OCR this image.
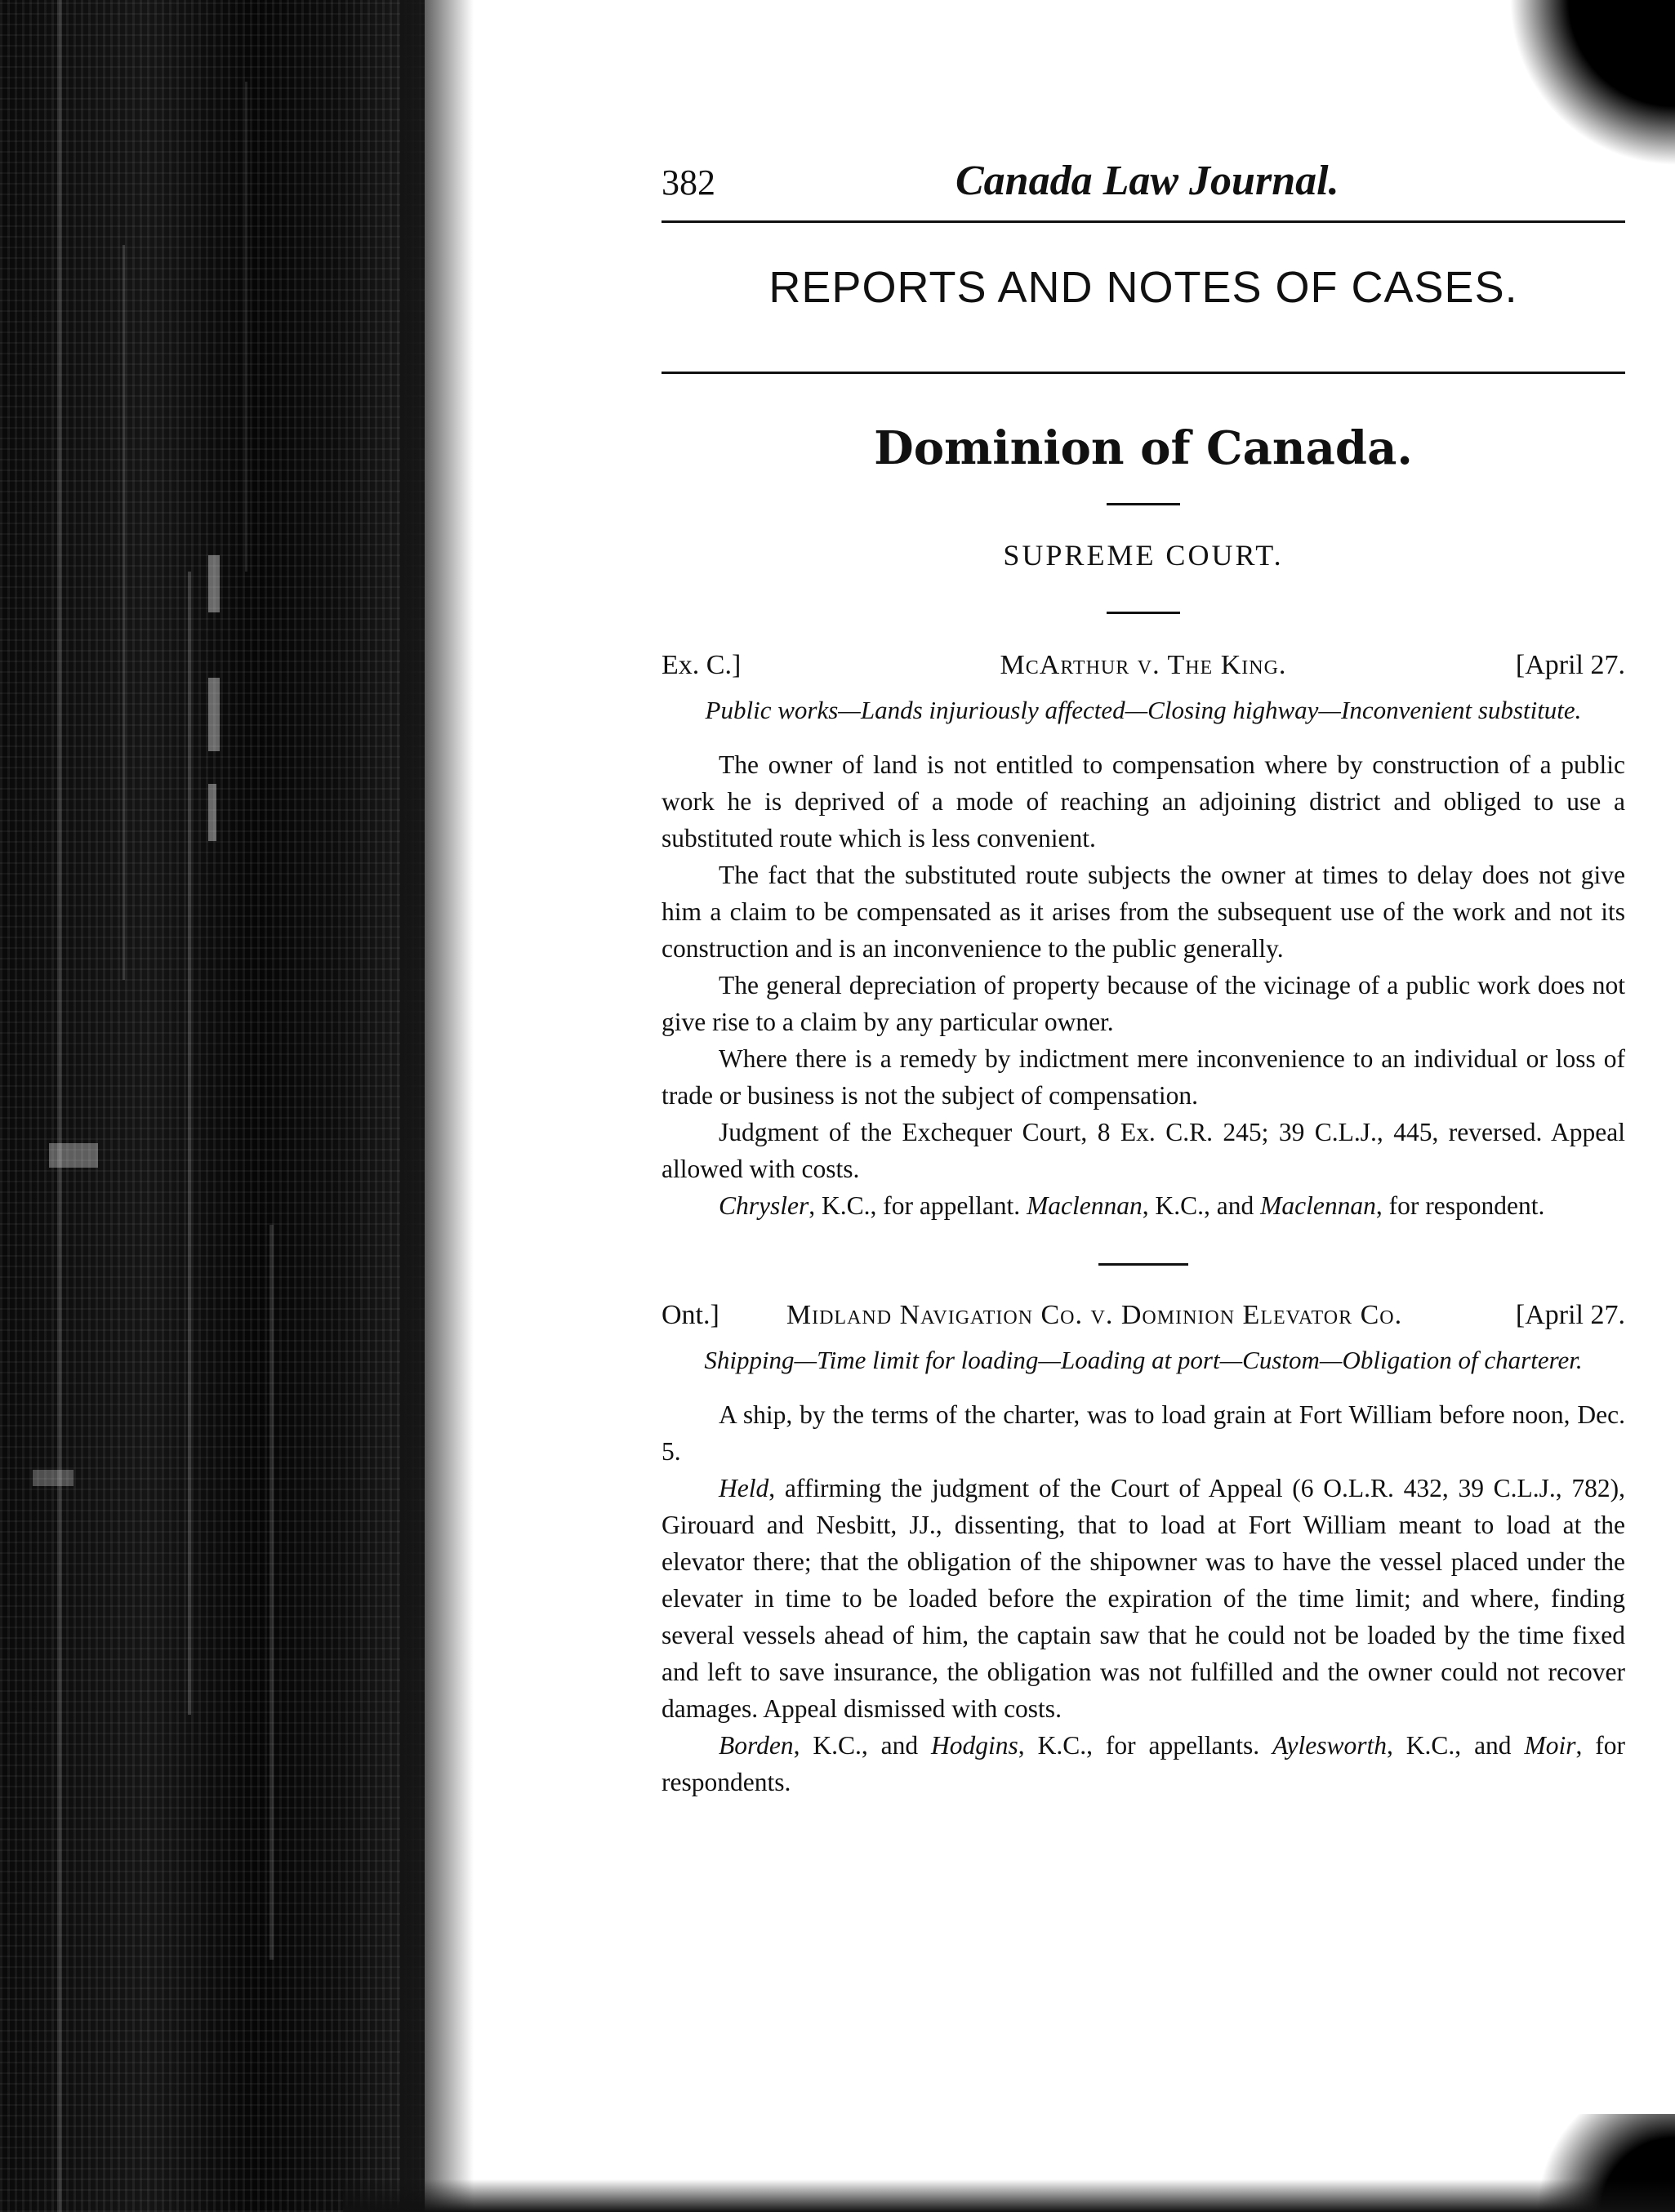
382	Canada Law Journal.
REPORTS AND NOTES OF CASES.
Dominion of Canada.
SUPREME COURT.
Ex. C.]	McArthur v. The King.	[April 27.
Public works—Lands injuriously affected—Closing highway—Inconvenient substitute.

The owner of land is not entitled to compensation where by construction of a public work he is deprived of a mode of reaching an adjoining district and obliged to use a substituted route which is less convenient.

The fact that the substituted route subjects the owner at times to delay does not give him a claim to be compensated as it arises from the subsequent use of the work and not its construction and is an inconvenience to the public generally.

The general depreciation of property because of the vicinage of a public work does not give rise to a claim by any particular owner.

Where there is a remedy by indictment mere inconvenience to an individual or loss of trade or business is not the subject of compensation.

Judgment of the Exchequer Court, 8 Ex. C.R. 245; 39 C.L.J., 445, reversed. Appeal allowed with costs.

Chrysler, K.C., for appellant. Maclennan, K.C., and Maclennan, for respondent.

Ont.]	Midland Navigation Co. v. Dominion Elevator Co.	[April 27.
Shipping—Time limit for loading—Loading at port—Custom—Obligation of charterer.

A ship, by the terms of the charter, was to load grain at Fort William before noon, Dec. 5.

Held, affirming the judgment of the Court of Appeal (6 O.L.R. 432, 39 C.L.J., 782), Girouard and Nesbitt, JJ., dissenting, that to load at Fort William meant to load at the elevator there; that the obligation of the shipowner was to have the vessel placed under the elevater in time to be loaded before the expiration of the time limit; and where, finding several vessels ahead of him, the captain saw that he could not be loaded by the time fixed and left to save insurance, the obligation was not fulfilled and the owner could not recover damages. Appeal dismissed with costs.

Borden, K.C., and Hodgins, K.C., for appellants. Aylesworth, K.C., and Moir, for respondents.
